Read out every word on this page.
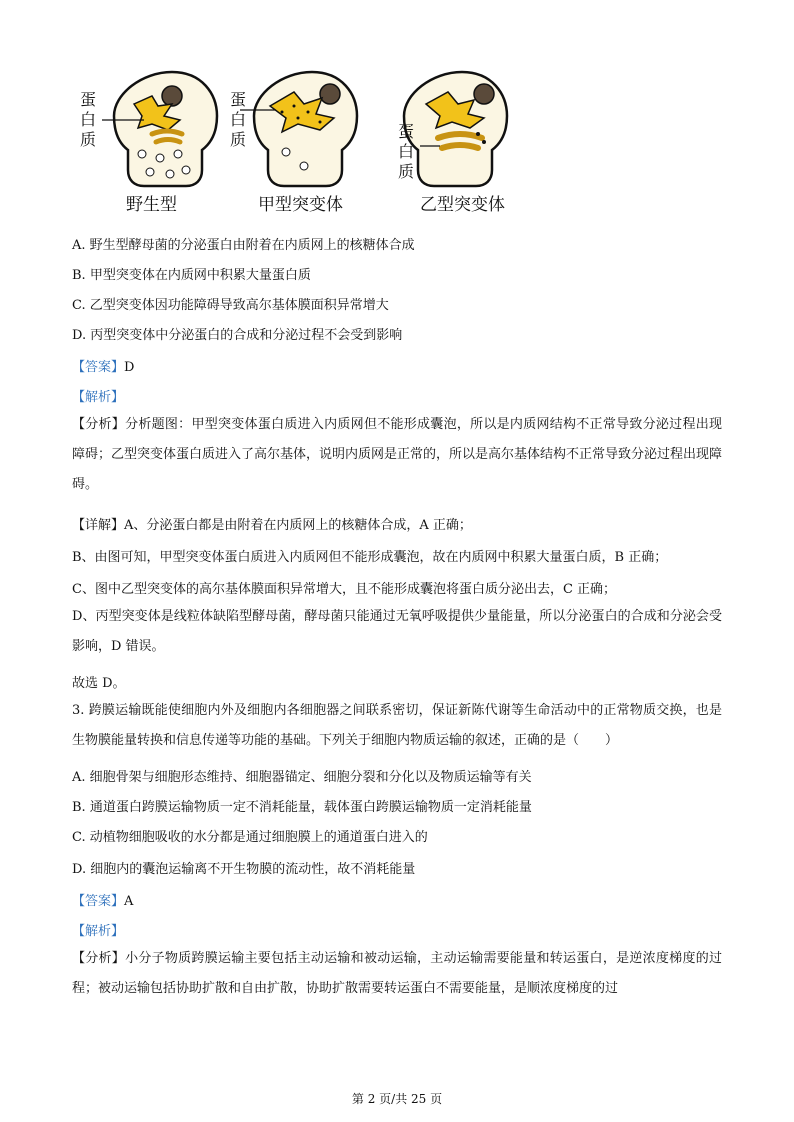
蛋白质
蛋白质	蛋白质
野生型	甲型突变体	乙型突变体
A. 野生型酵母菌的分泌蛋白由附着在内质网上的核糖体合成
B. 甲型突变体在内质网中积累大量蛋白质
C. 乙型突变体因功能障碍导致高尔基体膜面积异常增大
D. 丙型突变体中分泌蛋白的合成和分泌过程不会受到影响
【答案】D
【解析】
【分析】分析题图：甲型突变体蛋白质进入内质网但不能形成囊泡，所以是内质网结构不正常导致分泌过程出现障碍；乙型突变体蛋白质进入了高尔基体，说明内质网是正常的，所以是高尔基体结构不正常导致分泌过程出现障碍。
【详解】A、分泌蛋白都是由附着在内质网上的核糖体合成，A 正确；
B、由图可知，甲型突变体蛋白质进入内质网但不能形成囊泡，故在内质网中积累大量蛋白质，B 正确；
C、图中乙型突变体的高尔基体膜面积异常增大，且不能形成囊泡将蛋白质分泌出去，C 正确；
D、丙型突变体是线粒体缺陷型酵母菌，酵母菌只能通过无氧呼吸提供少量能量，所以分泌蛋白的合成和分泌会受影响，D 错误。
故选 D。
3. 跨膜运输既能使细胞内外及细胞内各细胞器之间联系密切，保证新陈代谢等生命活动中的正常物质交换，也是生物膜能量转换和信息传递等功能的基础。下列关于细胞内物质运输的叙述，正确的是（　　）
A. 细胞骨架与细胞形态维持、细胞器锚定、细胞分裂和分化以及物质运输等有关
B. 通道蛋白跨膜运输物质一定不消耗能量，载体蛋白跨膜运输物质一定消耗能量
C. 动植物细胞吸收的水分都是通过细胞膜上的通道蛋白进入的
D. 细胞内的囊泡运输离不开生物膜的流动性，故不消耗能量
【答案】A
【解析】
【分析】小分子物质跨膜运输主要包括主动运输和被动运输，主动运输需要能量和转运蛋白，是逆浓度梯度的过程；被动运输包括协助扩散和自由扩散，协助扩散需要转运蛋白不需要能量，是顺浓度梯度的过
第 2 页/共 25 页
